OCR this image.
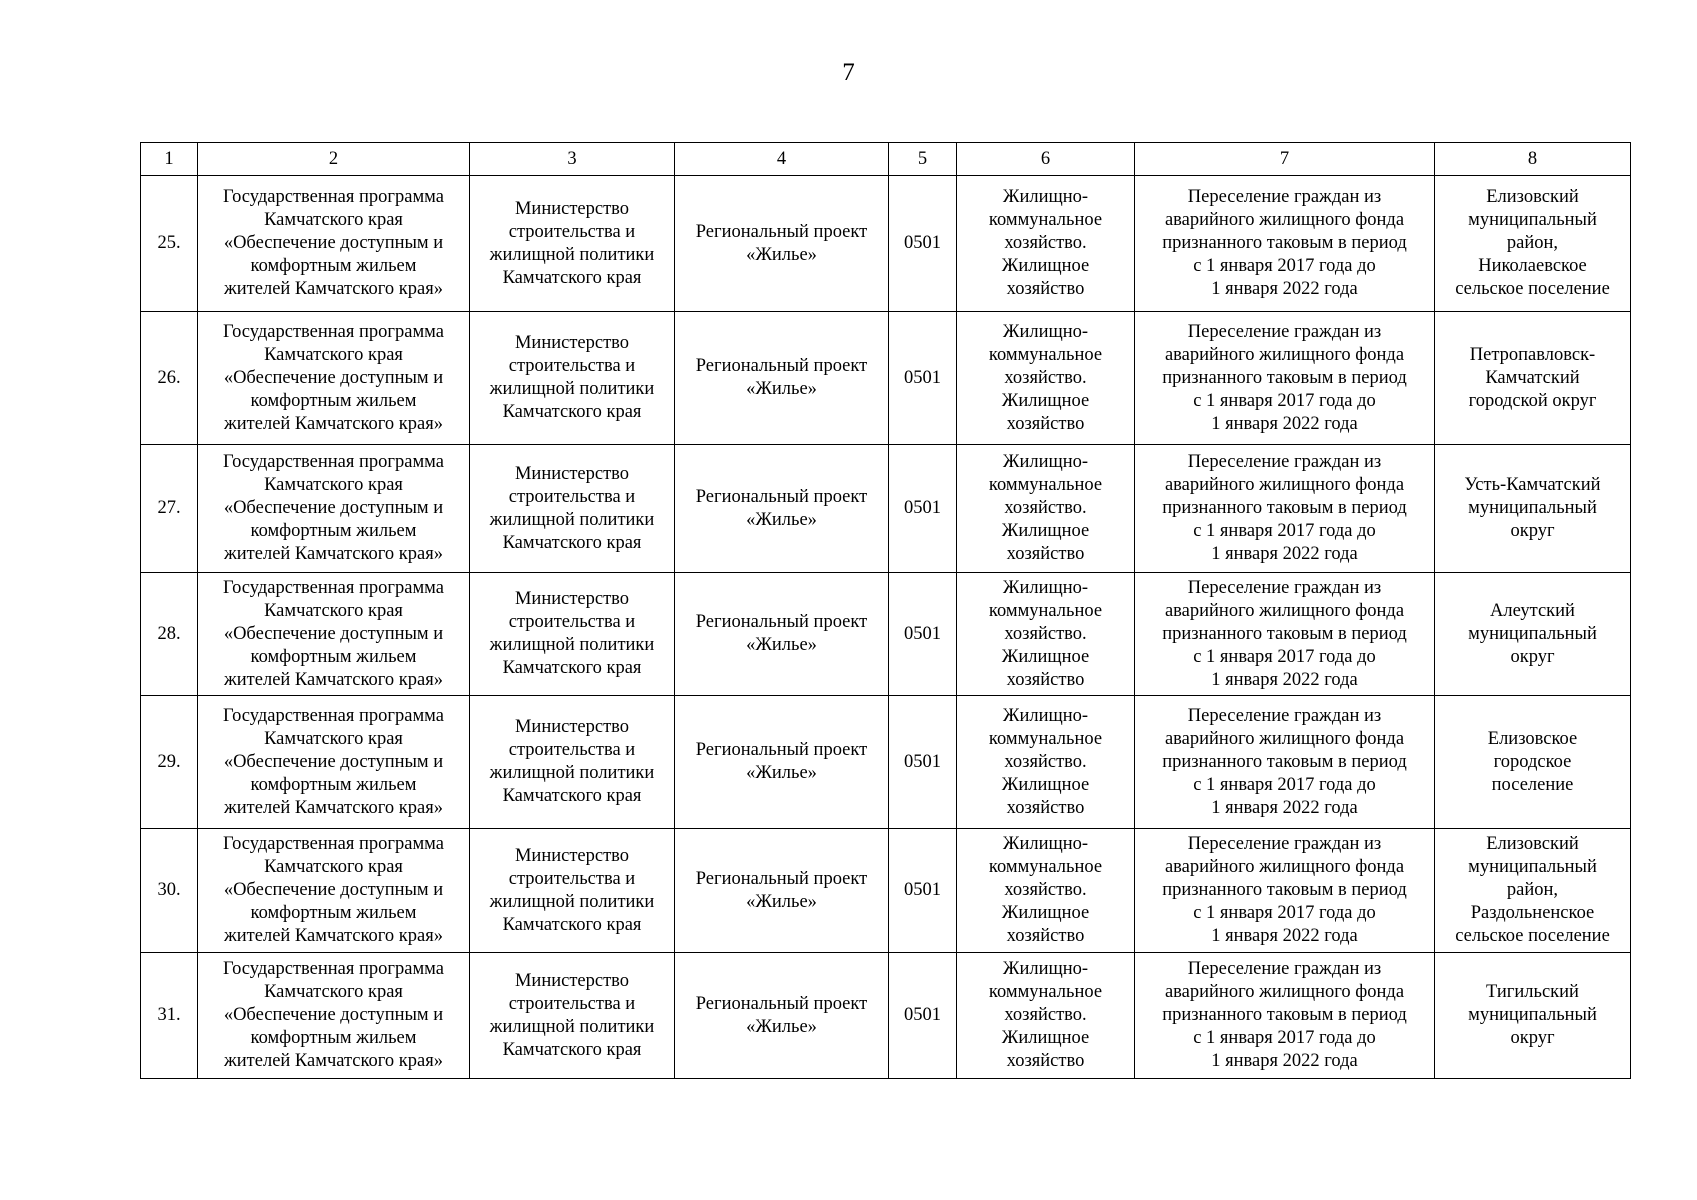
7
1	2	3	4	5	6	7	8
25.	Государственная программа
Камчатского края
«Обеспечение доступным и
комфортным жильем
жителей Камчатского края»	Министерство
строительства и
жилищной политики
Камчатского края	Региональный проект
«Жилье»	0501	Жилищно-
коммунальное
хозяйство.
Жилищное
хозяйство	Переселение граждан из
аварийного жилищного фонда
признанного таковым в период
с 1 января 2017 года до
1 января 2022 года	Елизовский
муниципальный
район,
Николаевское
сельское поселение
26.	Государственная программа
Камчатского края
«Обеспечение доступным и
комфортным жильем
жителей Камчатского края»	Министерство
строительства и
жилищной политики
Камчатского края	Региональный проект
«Жилье»	0501	Жилищно-
коммунальное
хозяйство.
Жилищное
хозяйство	Переселение граждан из
аварийного жилищного фонда
признанного таковым в период
с 1 января 2017 года до
1 января 2022 года	Петропавловск-
Камчатский
городской округ
27.	Государственная программа
Камчатского края
«Обеспечение доступным и
комфортным жильем
жителей Камчатского края»	Министерство
строительства и
жилищной политики
Камчатского края	Региональный проект
«Жилье»	0501	Жилищно-
коммунальное
хозяйство.
Жилищное
хозяйство	Переселение граждан из
аварийного жилищного фонда
признанного таковым в период
с 1 января 2017 года до
1 января 2022 года	Усть-Камчатский
муниципальный
округ
28.	Государственная программа
Камчатского края
«Обеспечение доступным и
комфортным жильем
жителей Камчатского края»	Министерство
строительства и
жилищной политики
Камчатского края	Региональный проект
«Жилье»	0501	Жилищно-
коммунальное
хозяйство.
Жилищное
хозяйство	Переселение граждан из
аварийного жилищного фонда
признанного таковым в период
с 1 января 2017 года до
1 января 2022 года	Алеутский
муниципальный
округ
29.	Государственная программа
Камчатского края
«Обеспечение доступным и
комфортным жильем
жителей Камчатского края»	Министерство
строительства и
жилищной политики
Камчатского края	Региональный проект
«Жилье»	0501	Жилищно-
коммунальное
хозяйство.
Жилищное
хозяйство	Переселение граждан из
аварийного жилищного фонда
признанного таковым в период
с 1 января 2017 года до
1 января 2022 года	Елизовское
городское
поселение
30.	Государственная программа
Камчатского края
«Обеспечение доступным и
комфортным жильем
жителей Камчатского края»	Министерство
строительства и
жилищной политики
Камчатского края	Региональный проект
«Жилье»	0501	Жилищно-
коммунальное
хозяйство.
Жилищное
хозяйство	Переселение граждан из
аварийного жилищного фонда
признанного таковым в период
с 1 января 2017 года до
1 января 2022 года	Елизовский
муниципальный
район,
Раздольненское
сельское поселение
31.	Государственная программа
Камчатского края
«Обеспечение доступным и
комфортным жильем
жителей Камчатского края»	Министерство
строительства и
жилищной политики
Камчатского края	Региональный проект
«Жилье»	0501	Жилищно-
коммунальное
хозяйство.
Жилищное
хозяйство	Переселение граждан из
аварийного жилищного фонда
признанного таковым в период
с 1 января 2017 года до
1 января 2022 года	Тигильский
муниципальный
округ
